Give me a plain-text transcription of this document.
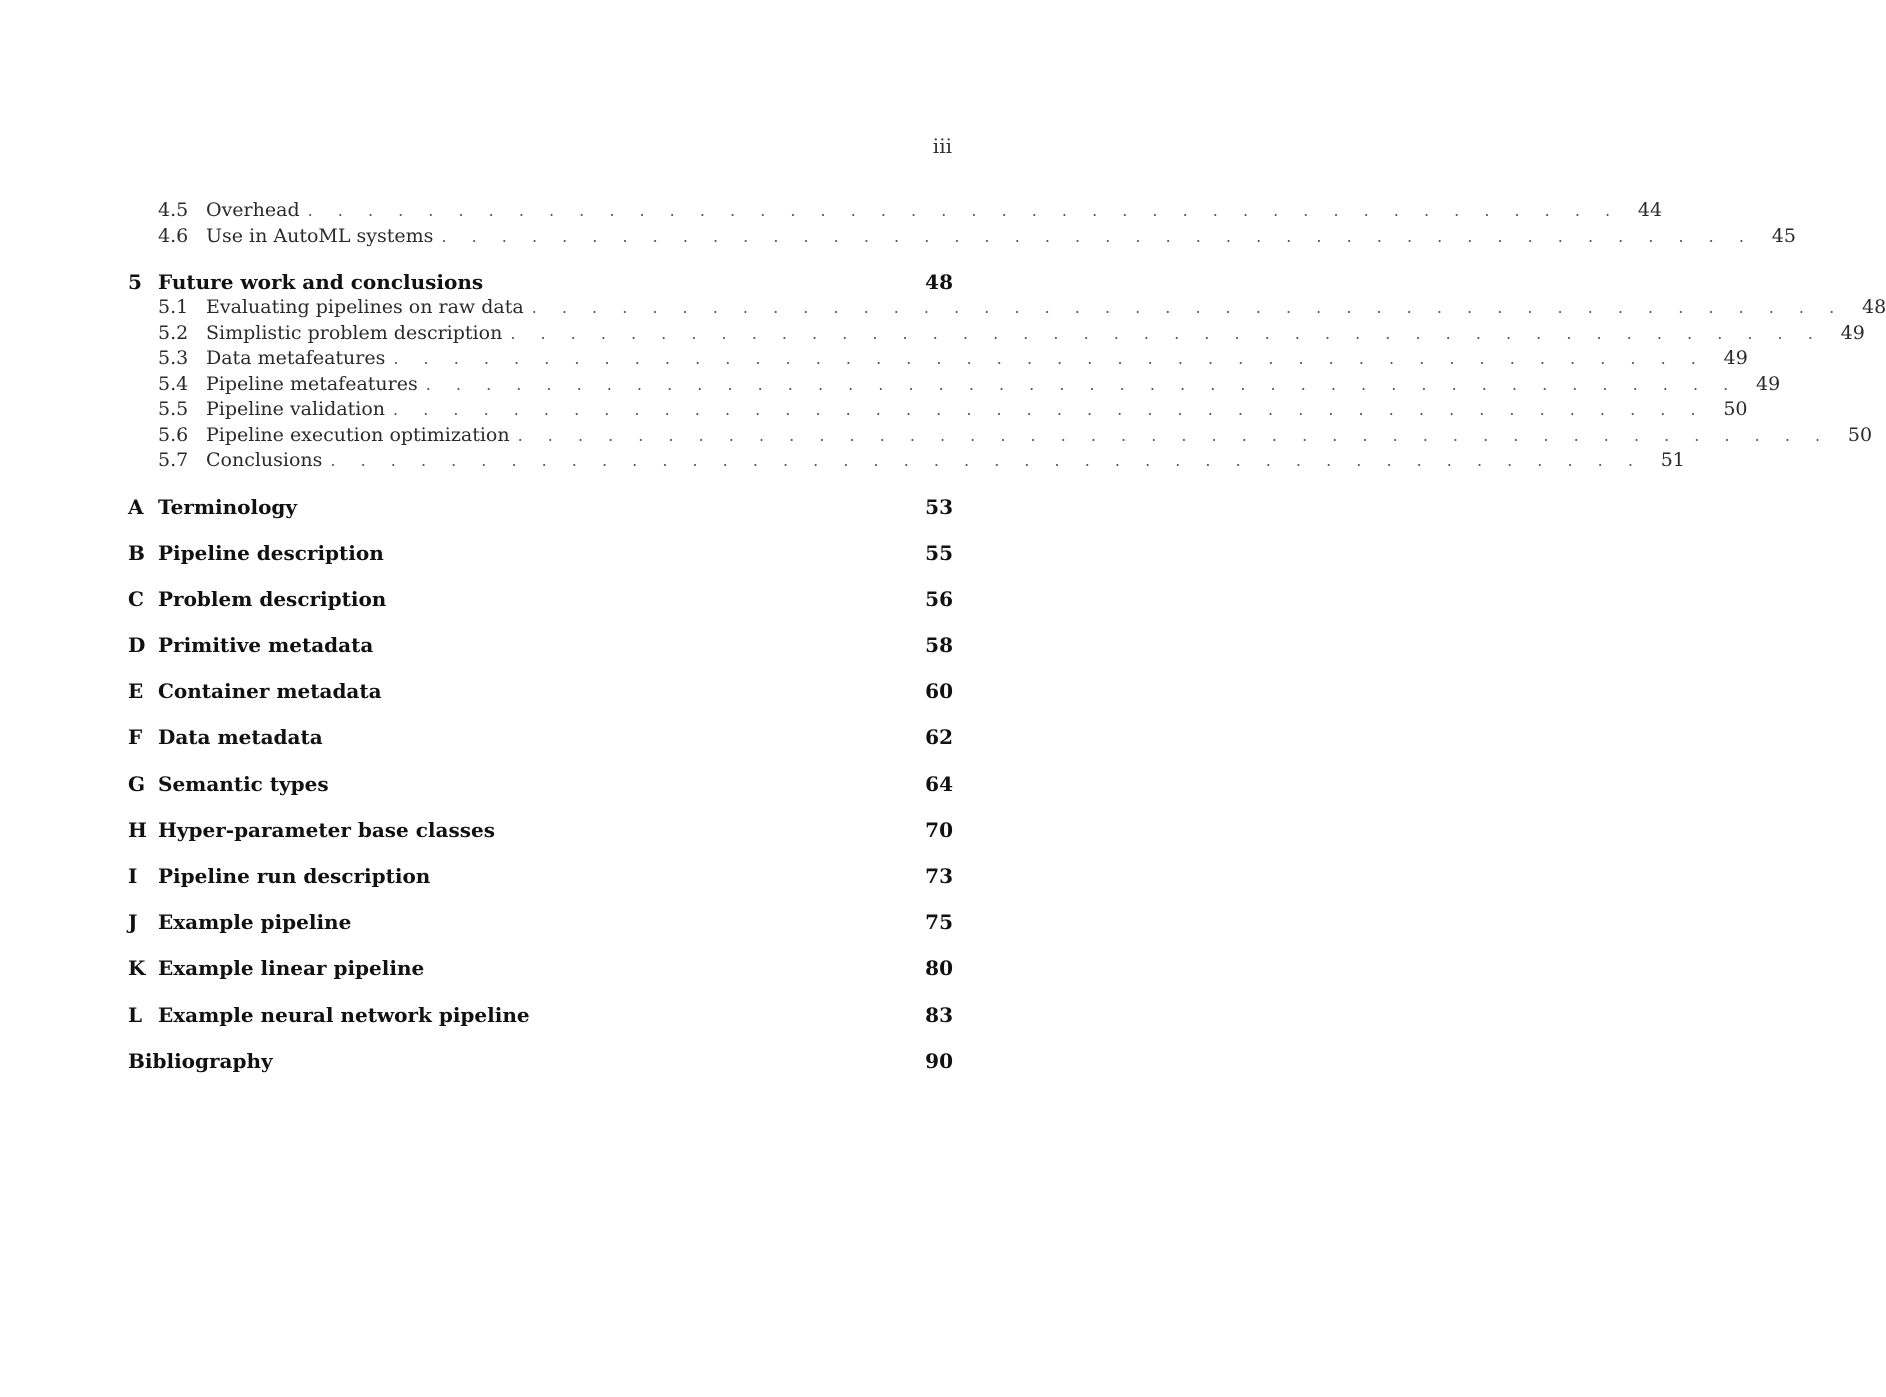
iii
4.5 Overhead . . . . . . . . . . . . . . . . . . . . . . . . . . . . . . . . . . . . . . . . . . . . 44
4.6 Use in AutoML systems . . . . . . . . . . . . . . . . . . . . . . . . . . . . . . . . . . . . . . . . . . . . 45
5 Future work and conclusions	48
5.1 Evaluating pipelines on raw data . . . . . . . . . . . . . . . . . . . . . . . . . . . . . . . . . . . . . . . . . . . . 48
5.2 Simplistic problem description . . . . . . . . . . . . . . . . . . . . . . . . . . . . . . . . . . . . . . . . . . . . 49
5.3 Data metafeatures . . . . . . . . . . . . . . . . . . . . . . . . . . . . . . . . . . . . . . . . . . . . 49
5.4 Pipeline metafeatures . . . . . . . . . . . . . . . . . . . . . . . . . . . . . . . . . . . . . . . . . . . . 49
5.5 Pipeline validation . . . . . . . . . . . . . . . . . . . . . . . . . . . . . . . . . . . . . . . . . . . . 50
5.6 Pipeline execution optimization . . . . . . . . . . . . . . . . . . . . . . . . . . . . . . . . . . . . . . . . . . . . 50
5.7 Conclusions . . . . . . . . . . . . . . . . . . . . . . . . . . . . . . . . . . . . . . . . . . . . 51
A Terminology	53
B Pipeline description	55
C Problem description	56
D Primitive metadata	58
E Container metadata	60
F Data metadata	62
G Semantic types	64
H Hyper-parameter base classes	70
I	Pipeline run description	73
J	Example pipeline	75
K Example linear pipeline	80
L Example neural network pipeline	83
Bibliography	90
